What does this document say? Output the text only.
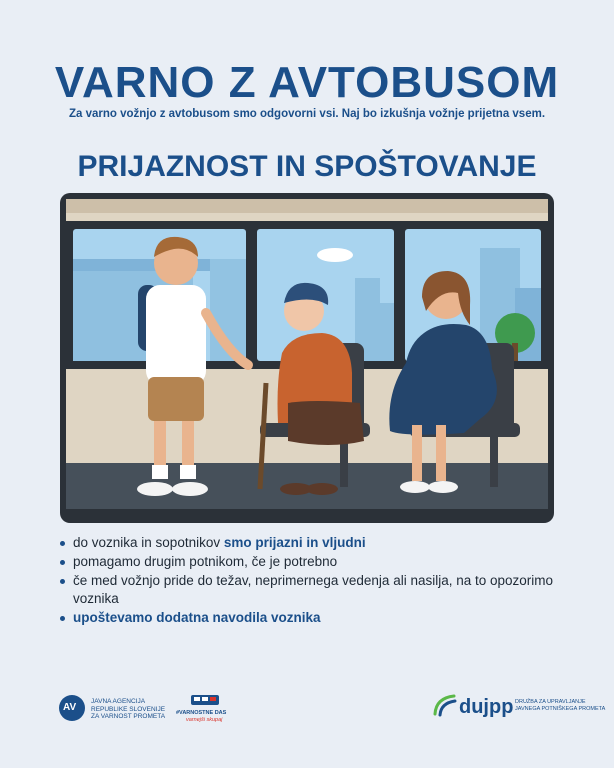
VARNO Z AVTOBUSOM
Za varno vožnjo z avtobusom smo odgovorni vsi. Naj bo izkušnja vožnje prijetna vsem.
PRIJAZNOST IN SPOŠTOVANJE
do voznika in sopotnikov smo prijazni in vljudni
pomagamo drugim potnikom, če je potrebno
če med vožnjo pride do težav, neprimernega vedenja ali nasilja, na to opozorimo voznika
upoštevamo dodatna navodila voznika
AV
JAVNA AGENCIJA
REPUBLIKE SLOVENIJE
ZA VARNOST PROMETA #VARNOSTNE DAS
varnejši skupaj
dujpp DRUŽBA ZA UPRAVLJANJE
JAVNEGA POTNIŠKEGA PROMETA
